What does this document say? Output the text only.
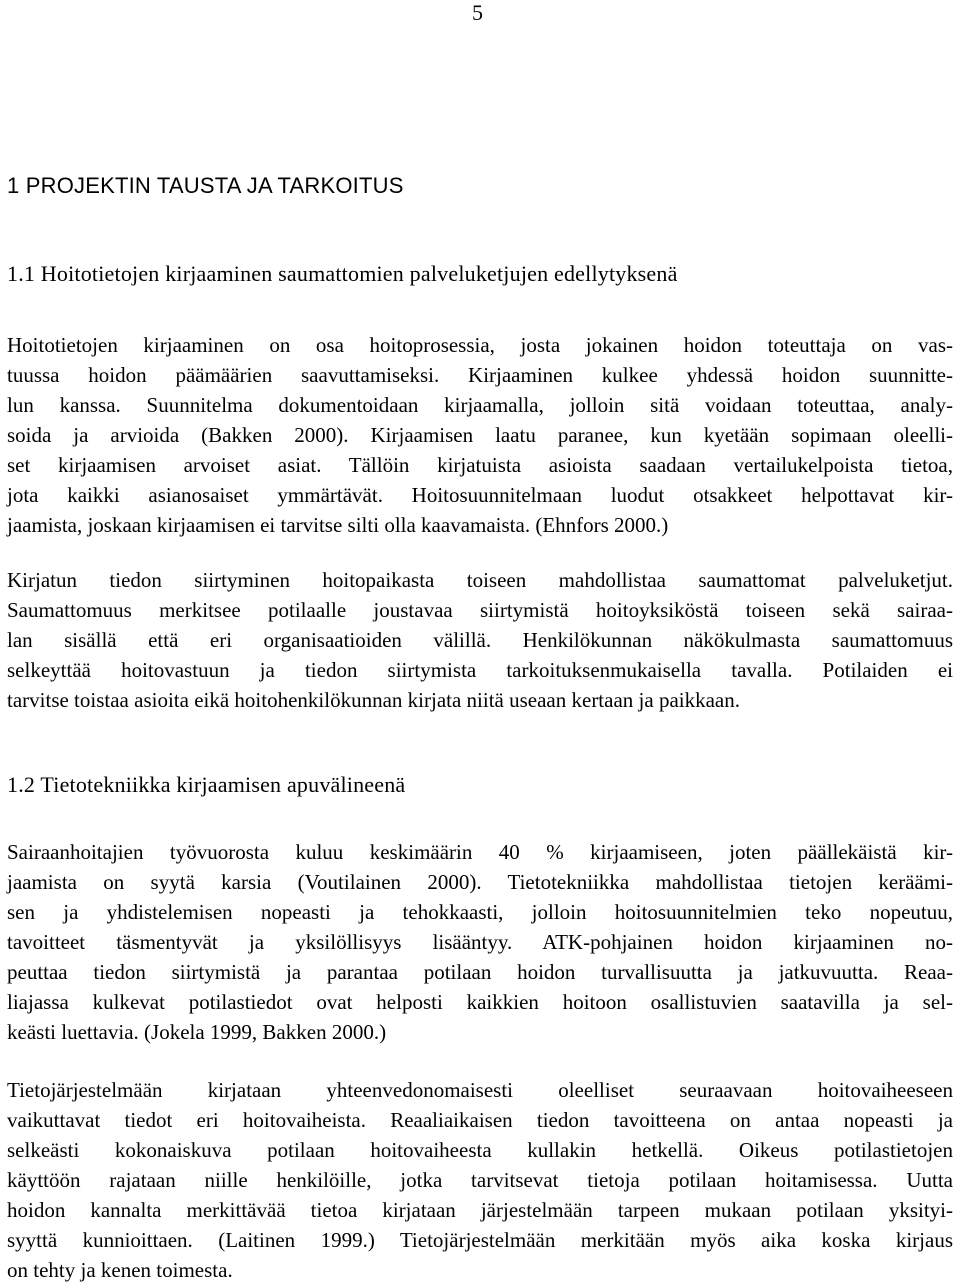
5
1 PROJEKTIN TAUSTA JA TARKOITUS
1.1 Hoitotietojen kirjaaminen saumattomien palveluketjujen edellytyksenä
Hoitotietojen kirjaaminen on osa hoitoprosessia, josta jokainen hoidon toteuttaja on vas-
tuussa hoidon päämäärien saavuttamiseksi. Kirjaaminen kulkee yhdessä hoidon suunnitte-
lun kanssa. Suunnitelma dokumentoidaan kirjaamalla, jolloin sitä voidaan toteuttaa, analy-
soida ja arvioida (Bakken 2000). Kirjaamisen laatu paranee, kun kyetään sopimaan oleelli-
set kirjaamisen arvoiset asiat. Tällöin kirjatuista asioista saadaan vertailukelpoista tietoa,
jota kaikki asianosaiset ymmärtävät. Hoitosuunnitelmaan luodut otsakkeet helpottavat kir-
jaamista, joskaan kirjaamisen ei tarvitse silti olla kaavamaista. (Ehnfors 2000.)
Kirjatun tiedon siirtyminen hoitopaikasta toiseen mahdollistaa saumattomat palveluketjut.
Saumattomuus merkitsee potilaalle joustavaa siirtymistä hoitoyksiköstä toiseen sekä sairaa-
lan sisällä että eri organisaatioiden välillä. Henkilökunnan näkökulmasta saumattomuus
selkeyttää hoitovastuun ja tiedon siirtymista tarkoituksenmukaisella tavalla. Potilaiden ei
tarvitse toistaa asioita eikä hoitohenkilökunnan kirjata niitä useaan kertaan ja paikkaan.
1.2 Tietotekniikka kirjaamisen apuvälineenä
Sairaanhoitajien työvuorosta kuluu keskimäärin 40 % kirjaamiseen, joten päällekäistä kir-
jaamista on syytä karsia (Voutilainen 2000). Tietotekniikka mahdollistaa tietojen keräämi-
sen ja yhdistelemisen nopeasti ja tehokkaasti, jolloin hoitosuunnitelmien teko nopeutuu,
tavoitteet täsmentyvät ja yksilöllisyys lisääntyy. ATK-pohjainen hoidon kirjaaminen no-
peuttaa tiedon siirtymistä ja parantaa potilaan hoidon turvallisuutta ja jatkuvuutta. Reaa-
liajassa kulkevat potilastiedot ovat helposti kaikkien hoitoon osallistuvien saatavilla ja sel-
keästi luettavia. (Jokela 1999, Bakken 2000.)
Tietojärjestelmään kirjataan yhteenvedonomaisesti oleelliset seuraavaan hoitovaiheeseen
vaikuttavat tiedot eri hoitovaiheista. Reaaliaikaisen tiedon tavoitteena on antaa nopeasti ja
selkeästi kokonaiskuva potilaan hoitovaiheesta kullakin hetkellä. Oikeus potilastietojen
käyttöön rajataan niille henkilöille, jotka tarvitsevat tietoja potilaan hoitamisessa. Uutta
hoidon kannalta merkittävää tietoa kirjataan järjestelmään tarpeen mukaan potilaan yksityi-
syyttä kunnioittaen. (Laitinen 1999.) Tietojärjestelmään merkitään myös aika koska kirjaus
on tehty ja kenen toimesta.
